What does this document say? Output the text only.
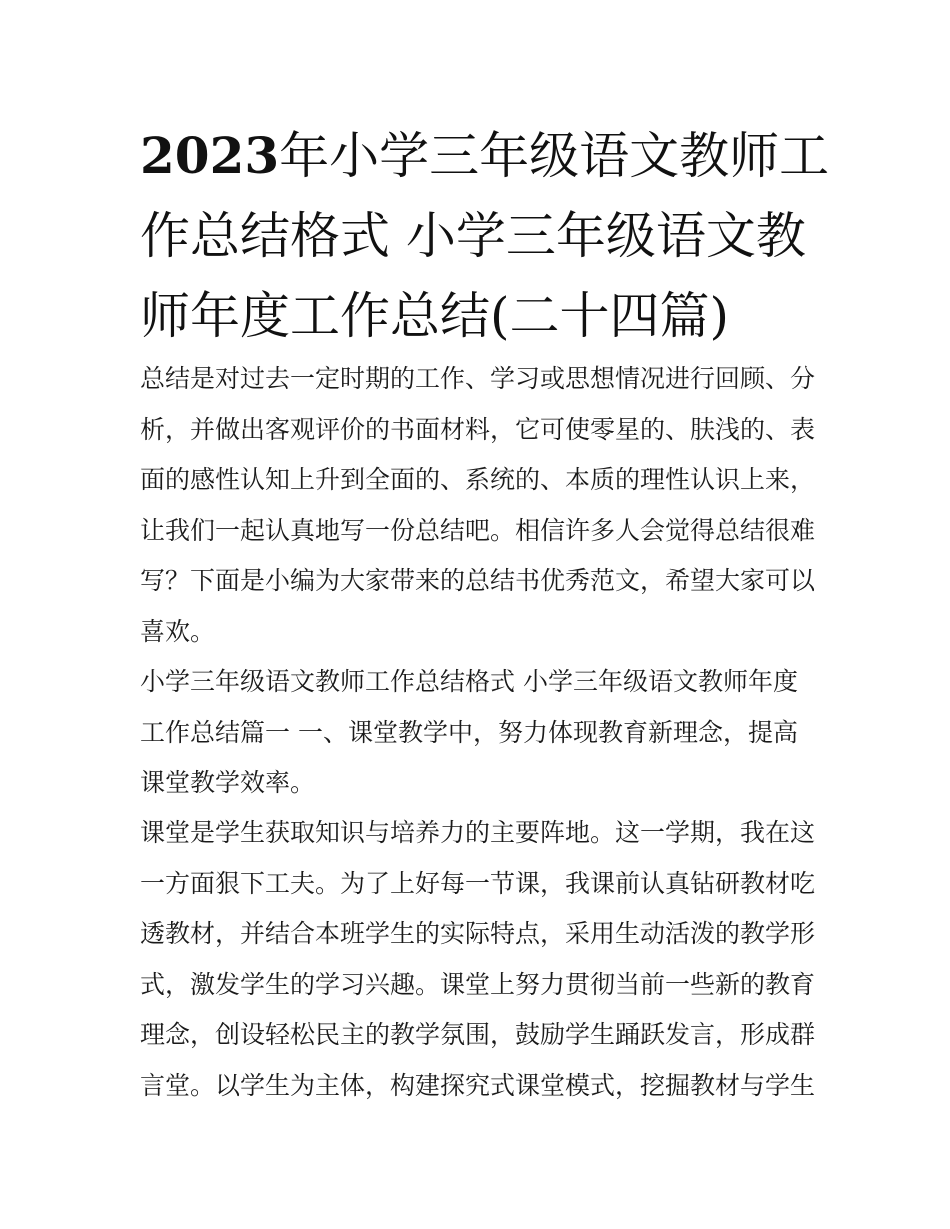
2023年小学三年级语文教师工
作总结格式 小学三年级语文教
师年度工作总结(二十四篇)

总结是对过去一定时期的工作、学习或思想情况进行回顾、分
析，并做出客观评价的书面材料，它可使零星的、肤浅的、表
面的感性认知上升到全面的、系统的、本质的理性认识上来，
让我们一起认真地写一份总结吧。相信许多人会觉得总结很难
写？下面是小编为大家带来的总结书优秀范文，希望大家可以
喜欢。

小学三年级语文教师工作总结格式 小学三年级语文教师年度
工作总结篇一 一、课堂教学中，努力体现教育新理念，提高
课堂教学效率。

课堂是学生获取知识与培养力的主要阵地。这一学期，我在这
一方面狠下工夫。为了上好每一节课，我课前认真钻研教材吃
透教材，并结合本班学生的实际特点，采用生动活泼的教学形
式，激发学生的学习兴趣。课堂上努力贯彻当前一些新的教育
理念，创设轻松民主的教学氛围，鼓励学生踊跃发言，形成群
言堂。以学生为主体，构建探究式课堂模式，挖掘教材与学生
